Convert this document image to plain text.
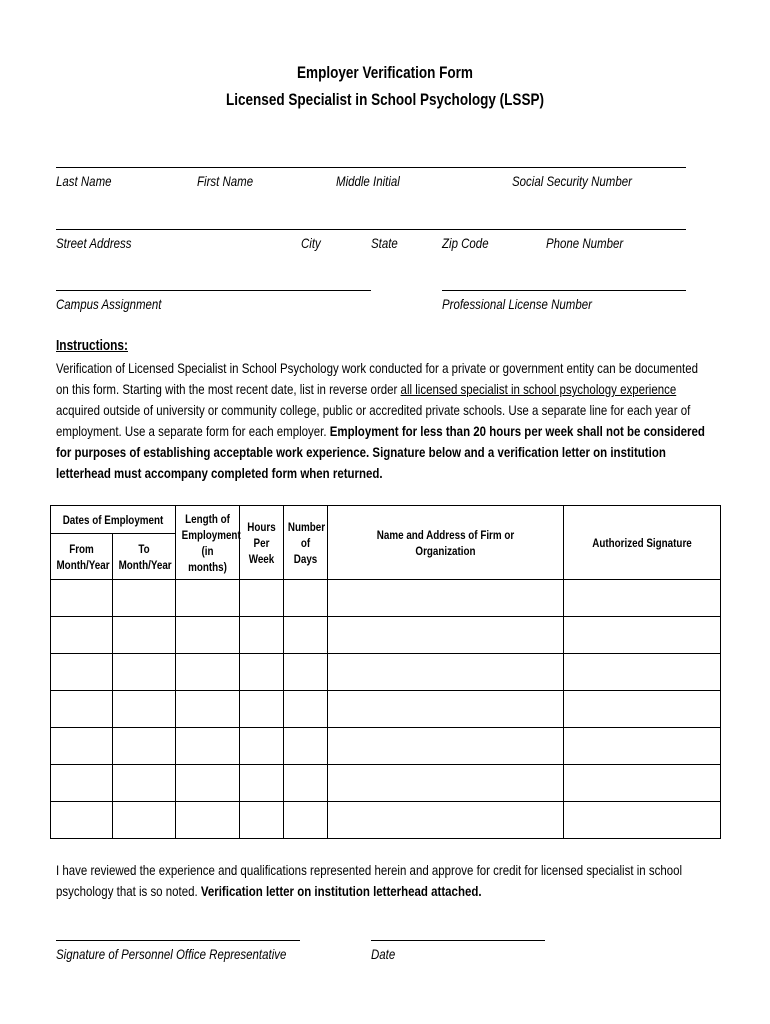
Employer Verification Form
Licensed Specialist in School Psychology (LSSP)
Last Name	First Name	Middle Initial	Social Security Number
Street Address	City	State	Zip Code	Phone Number
Campus Assignment	Professional License Number
Instructions:
Verification of Licensed Specialist in School Psychology work conducted for a private or government entity can be documented on this form. Starting with the most recent date, list in reverse order all licensed specialist in school psychology experience acquired outside of university or community college, public or accredited private schools. Use a separate line for each year of employment. Use a separate form for each employer. Employment for less than 20 hours per week shall not be considered for purposes of establishing acceptable work experience. Signature below and a verification letter on institution letterhead must accompany completed form when returned.
Dates of Employment		Length of Employment (in months)	Hours Per Week	Number of Days	Name and Address of Firm or Organization	Authorized Signature

From Month/Year	To Month/Year					

I have reviewed the experience and qualifications represented herein and approve for credit for licensed specialist in school psychology that is so noted. Verification letter on institution letterhead attached.
Signature of Personnel Office Representative	Date
